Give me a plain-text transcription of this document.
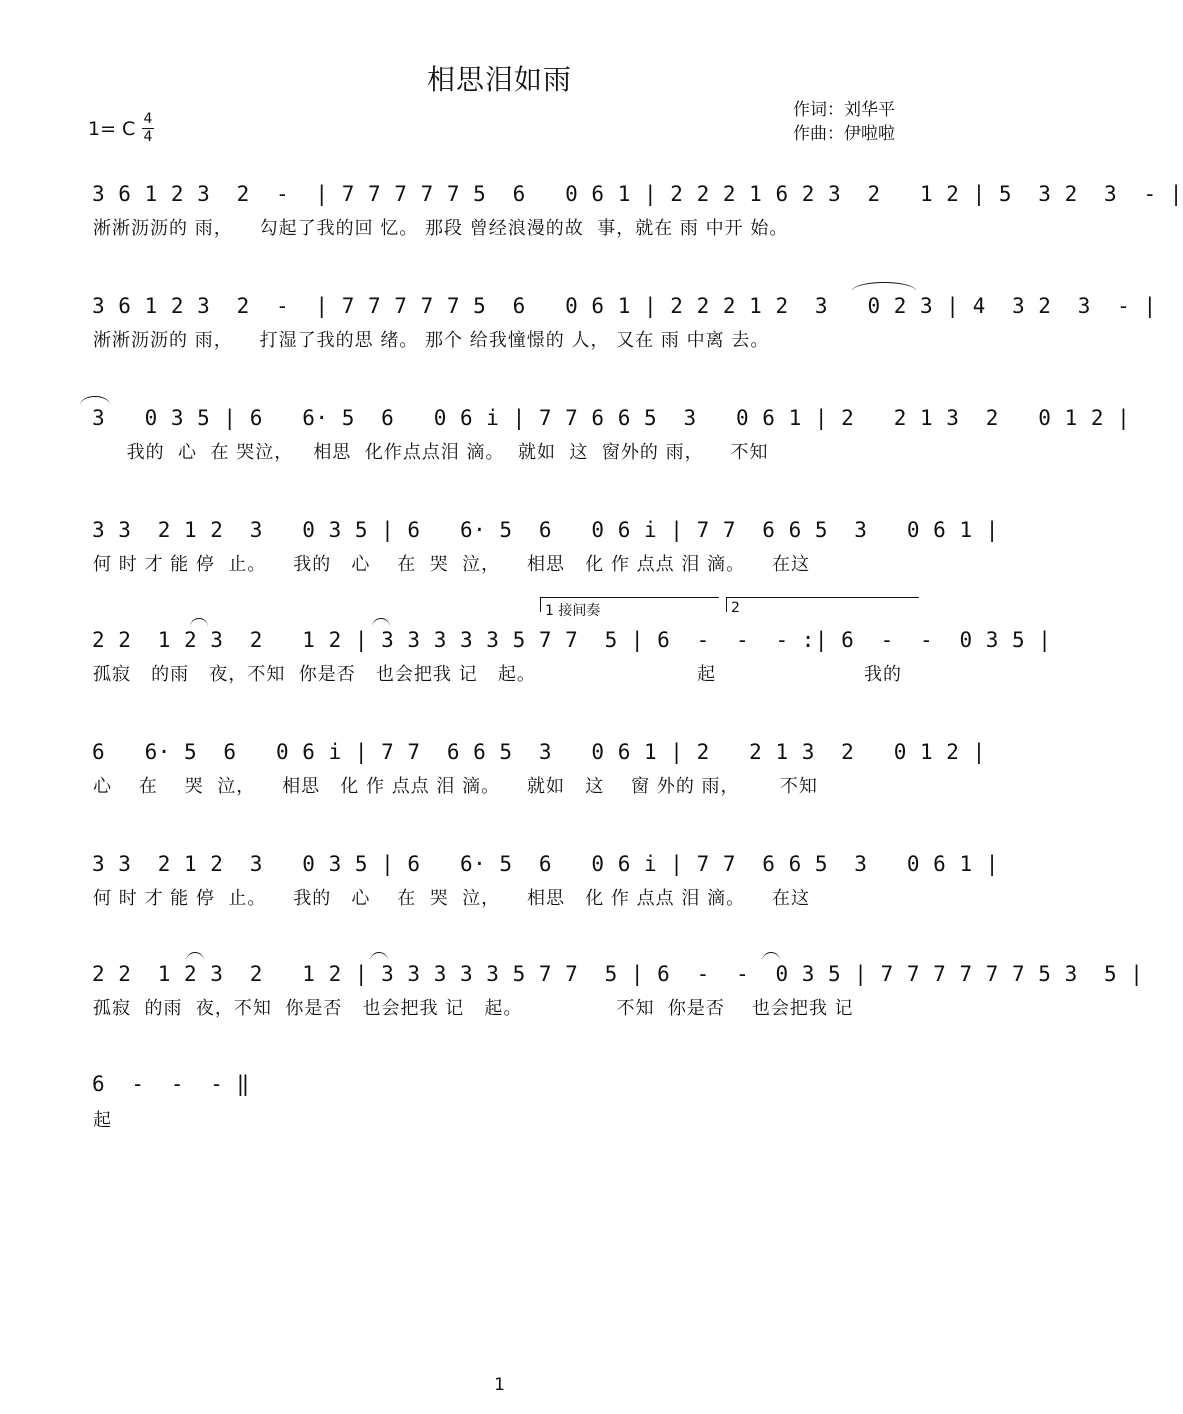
相思泪如雨
1= C 4
4
作词：刘华平
作曲：伊啦啦
3 6 1 2 3  2  -  | 7 7 7 7 7 5  6   0 6 1 | 2 2 2 1 6 2 3  2   1 2 | 5  3 2  3  - |
淅淅沥沥的 雨，    勾起了我的回 忆。 那段 曾经浪漫的故  事，就在 雨 中开 始。
3 6 1 2 3  2  -  | 7 7 7 7 7 5  6   0 6 1 | 2 2 2 1 2  3   0 2 3 | 4  3 2  3  - |
淅淅沥沥的 雨，    打湿了我的思 绪。 那个 给我憧憬的 人， 又在 雨 中离 去。
3   0 3 5 | 6   6· 5  6   0 6 i | 7 7 6 6 5  3   0 6 1 | 2   2 1 3  2   0 1 2 |
我的  心  在 哭泣，   相思  化作点点泪 滴。  就如  这  窗外的 雨，    不知
3 3  2 1 2  3   0 3 5 | 6   6· 5  6   0 6 i | 7 7  6 6 5  3   0 6 1 |
何 时 才 能 停  止。    我的   心    在  哭  泣，    相思   化 作 点点 泪 滴。    在这
1 接间奏	2
2 2  1 2 3  2   1 2 | 3 3 3 3 3 5 7 7  5 | 6  -  -  - :| 6  -  -  0 3 5 |
孤寂   的雨   夜，不知  你是否   也会把我 记   起。                        起                      我的
6   6· 5  6   0 6 i | 7 7  6 6 5  3   0 6 1 | 2   2 1 3  2   0 1 2 |
心    在    哭  泣，    相思   化 作 点点 泪 滴。    就如   这    窗 外的 雨，      不知
3 3  2 1 2  3   0 3 5 | 6   6· 5  6   0 6 i | 7 7  6 6 5  3   0 6 1 |
何 时 才 能 停  止。    我的   心    在  哭  泣，    相思   化 作 点点 泪 滴。    在这
2 2  1 2 3  2   1 2 | 3 3 3 3 3 5 7 7  5 | 6  -  -  0 3 5 | 7 7 7 7 7 7 5 3  5 |
孤寂  的雨  夜，不知  你是否   也会把我 记   起。              不知  你是否    也会把我 记
6  -  -  - ‖
起
1
